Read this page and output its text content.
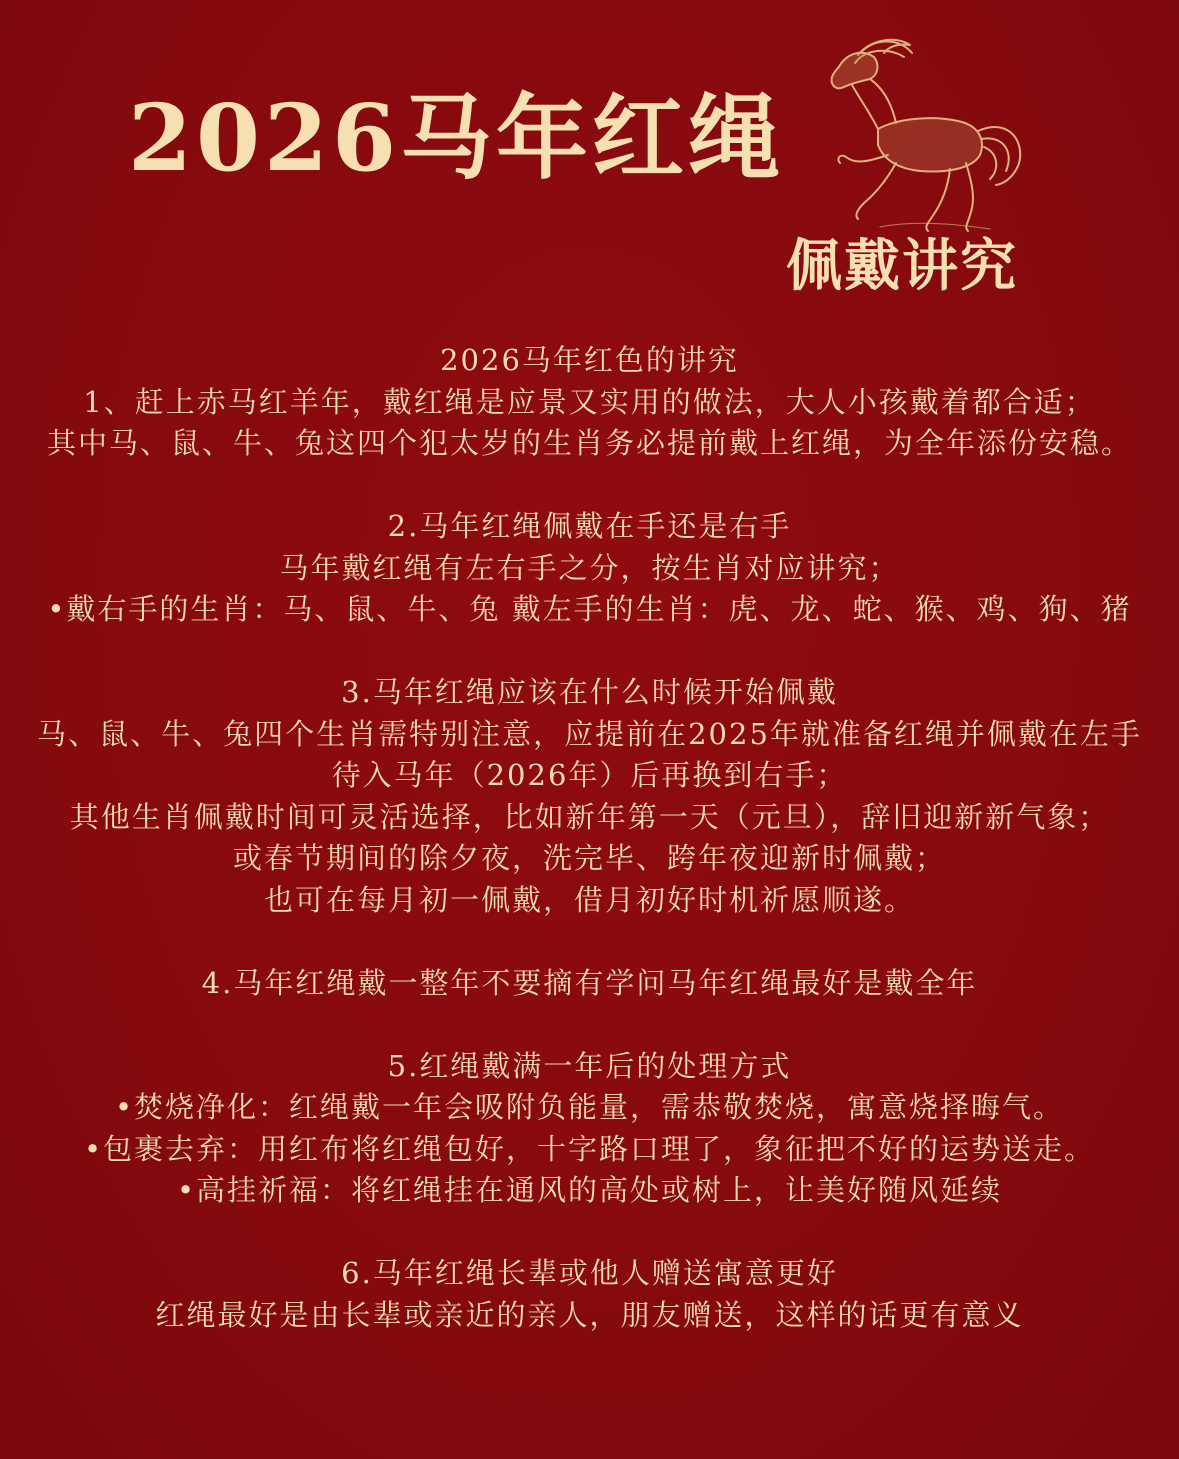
2026马年红绳
佩戴讲究
2026马年红色的讲究
1、赶上赤马红羊年，戴红绳是应景又实用的做法，大人小孩戴着都合适；
其中马、鼠、牛、兔这四个犯太岁的生肖务必提前戴上红绳，为全年添份安稳。
2.马年红绳佩戴在手还是右手
马年戴红绳有左右手之分，按生肖对应讲究；
•戴右手的生肖：马、鼠、牛、兔 戴左手的生肖：虎、龙、蛇、猴、鸡、狗、猪
3.马年红绳应该在什么时候开始佩戴
马、鼠、牛、兔四个生肖需特别注意，应提前在2025年就准备红绳并佩戴在左手
待入马年（2026年）后再换到右手；
其他生肖佩戴时间可灵活选择，比如新年第一天（元旦），辞旧迎新新气象；
或春节期间的除夕夜，洗完毕、跨年夜迎新时佩戴；
也可在每月初一佩戴，借月初好时机祈愿顺遂。
4.马年红绳戴一整年不要摘有学问马年红绳最好是戴全年
5.红绳戴满一年后的处理方式
•焚烧净化：红绳戴一年会吸附负能量，需恭敬焚烧，寓意烧择晦气。
•包裹去弃：用红布将红绳包好，十字路口理了，象征把不好的运势送走。
•高挂祈福：将红绳挂在通风的高处或树上，让美好随风延续
6.马年红绳长辈或他人赠送寓意更好
红绳最好是由长辈或亲近的亲人，朋友赠送，这样的话更有意义
